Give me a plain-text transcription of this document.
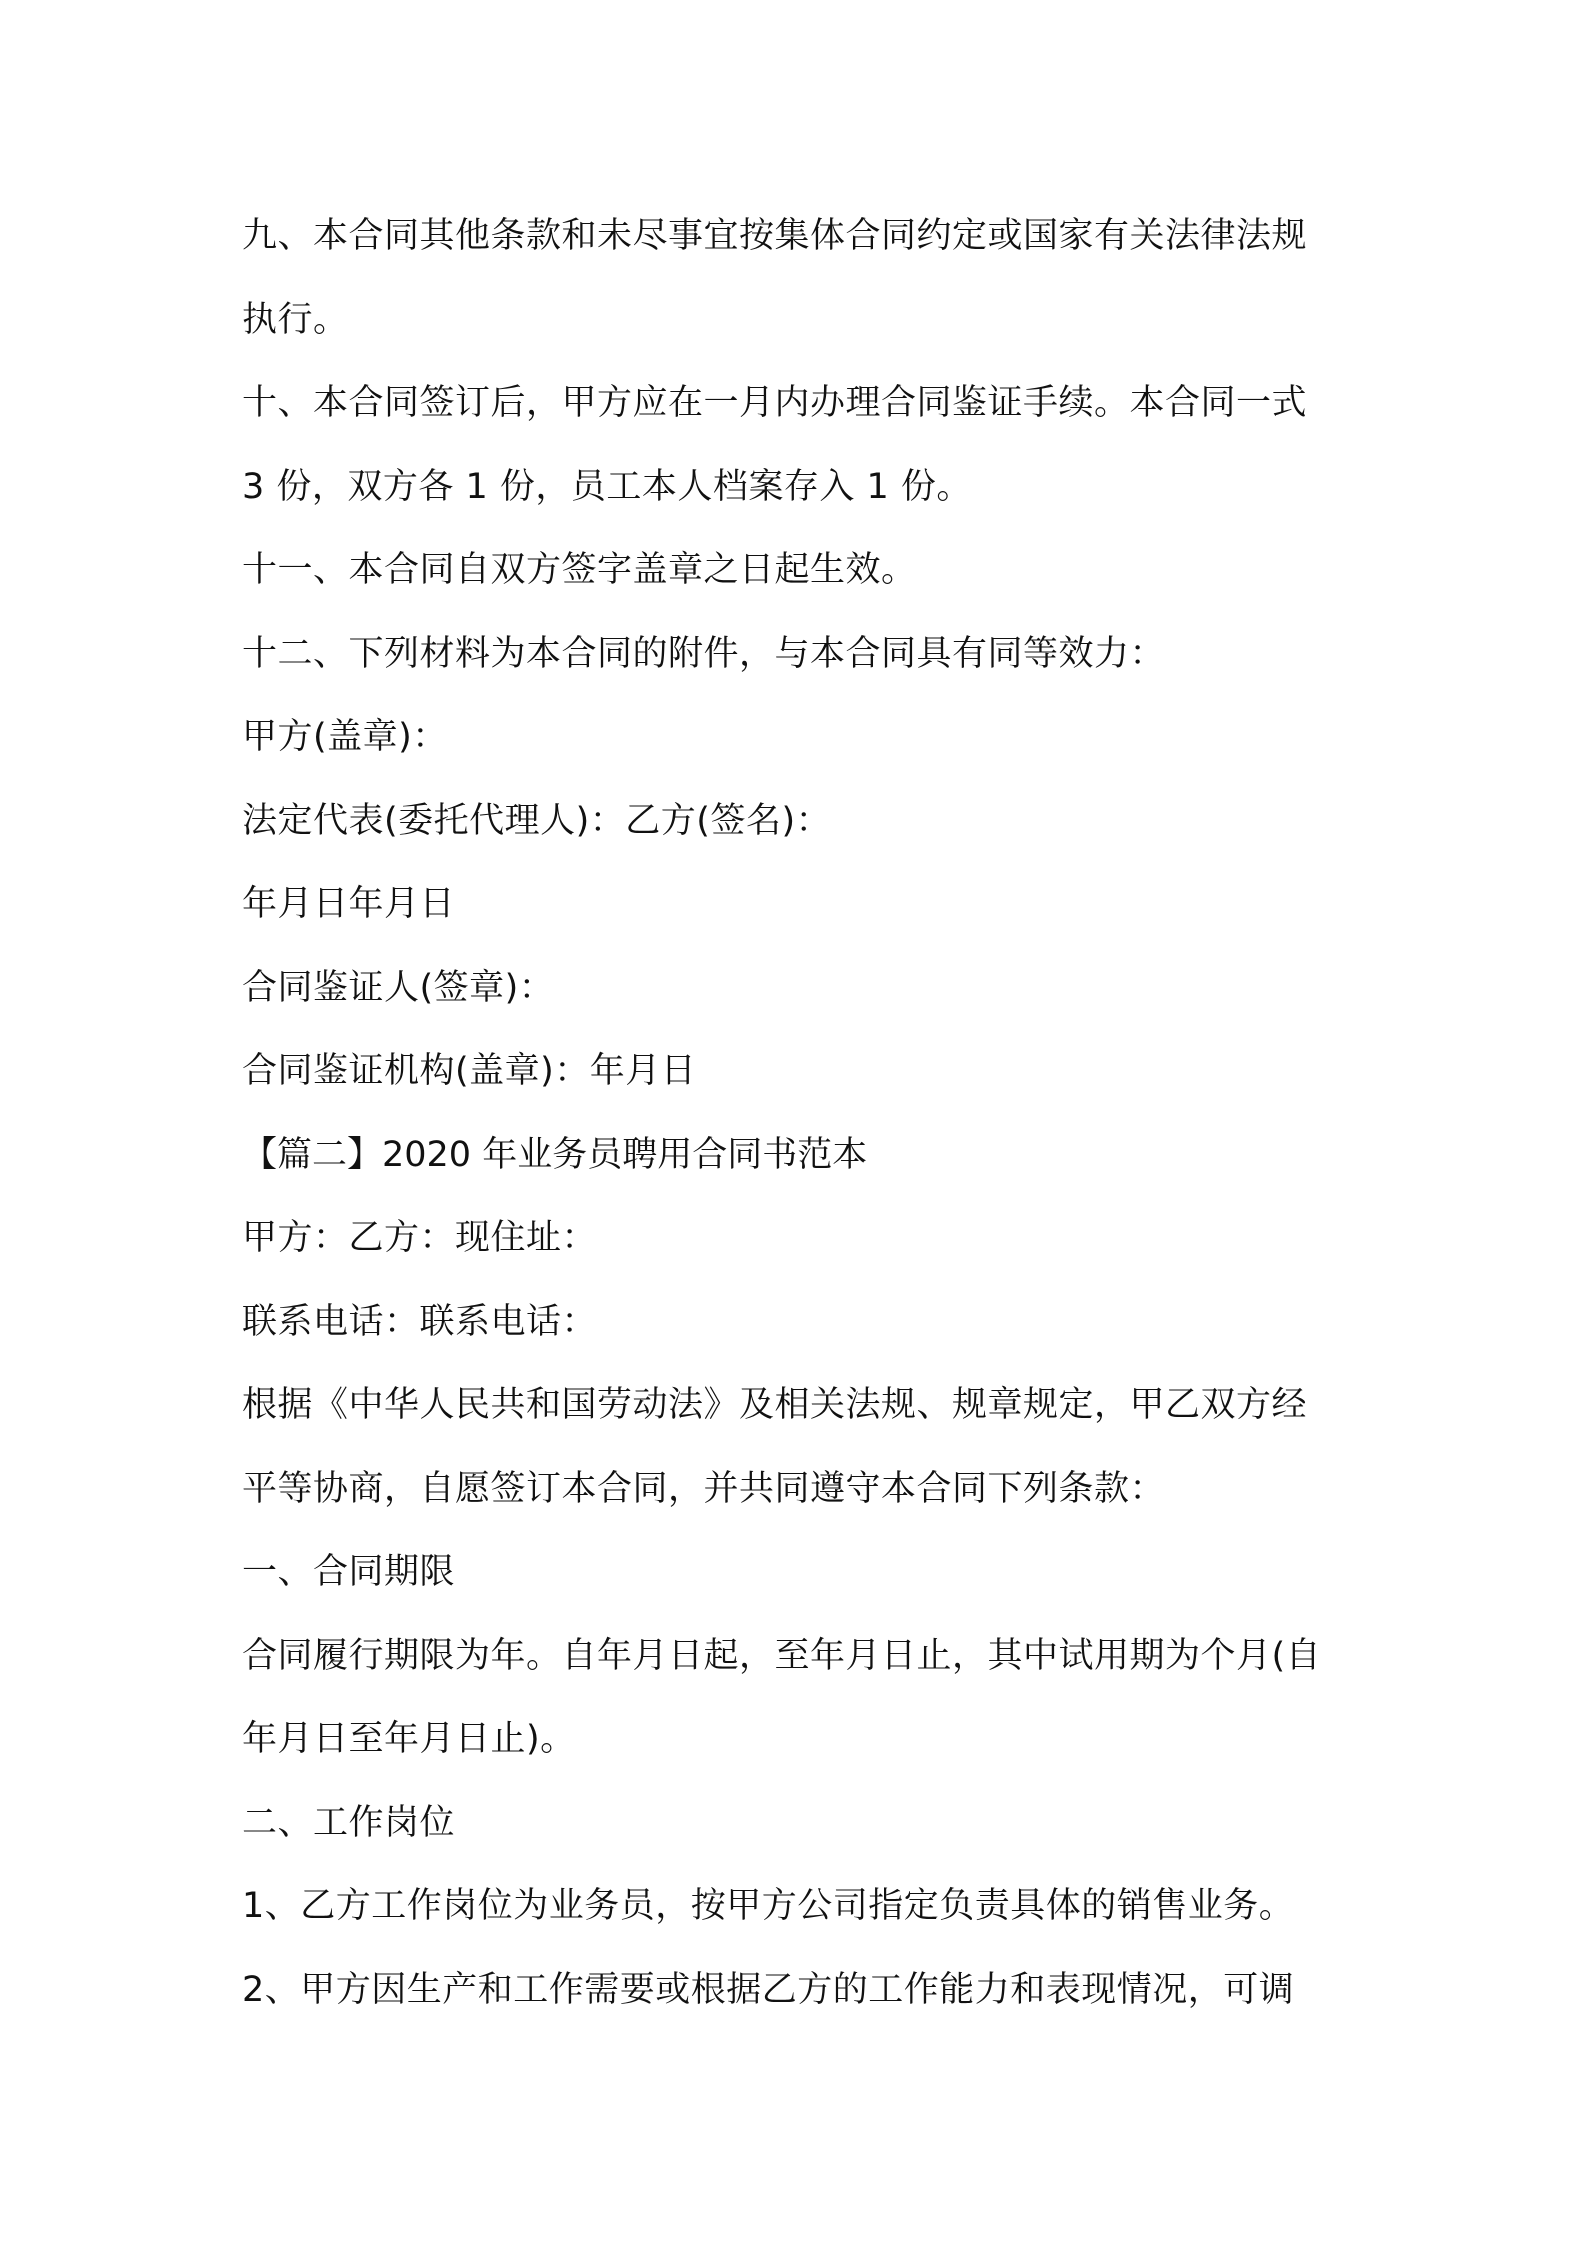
九、本合同其他条款和未尽事宜按集体合同约定或国家有关法律法规
执行。
十、本合同签订后，甲方应在一月内办理合同鉴证手续。本合同一式
3 份，双方各 1 份，员工本人档案存入 1 份。
十一、本合同自双方签字盖章之日起生效。
十二、下列材料为本合同的附件，与本合同具有同等效力：
甲方(盖章)：
法定代表(委托代理人)：乙方(签名)：
年月日年月日
合同鉴证人(签章)：
合同鉴证机构(盖章)：年月日
【篇二】2020 年业务员聘用合同书范本
甲方：乙方：现住址：
联系电话：联系电话：
根据《中华人民共和国劳动法》及相关法规、规章规定，甲乙双方经
平等协商，自愿签订本合同，并共同遵守本合同下列条款：
一、合同期限
合同履行期限为年。自年月日起，至年月日止，其中试用期为个月(自
年月日至年月日止)。
二、工作岗位
1、乙方工作岗位为业务员，按甲方公司指定负责具体的销售业务。
2、甲方因生产和工作需要或根据乙方的工作能力和表现情况，可调
